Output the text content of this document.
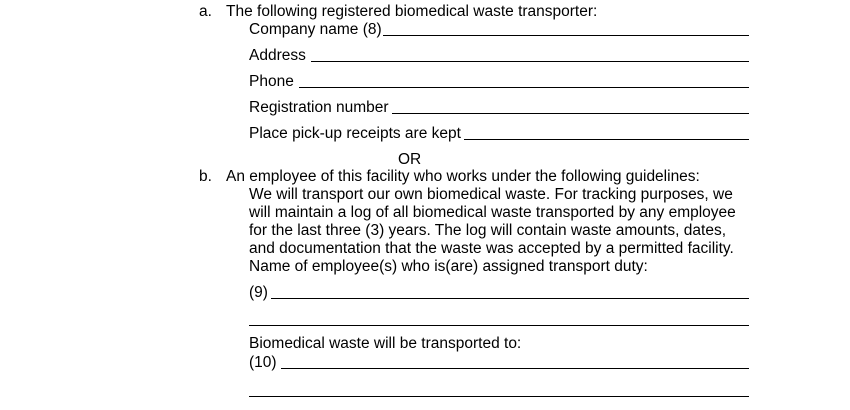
a. The following registered biomedical waste transporter:
Company name (8)
Address
Phone
Registration number
Place pick-up receipts are kept
OR
b. An employee of this facility who works under the following guidelines:
We will transport our own biomedical waste. For tracking purposes, we
will maintain a log of all biomedical waste transported by any employee
for the last three (3) years. The log will contain waste amounts, dates,
and documentation that the waste was accepted by a permitted facility.
Name of employee(s) who is(are) assigned transport duty:
(9)
Biomedical waste will be transported to:
(10)
